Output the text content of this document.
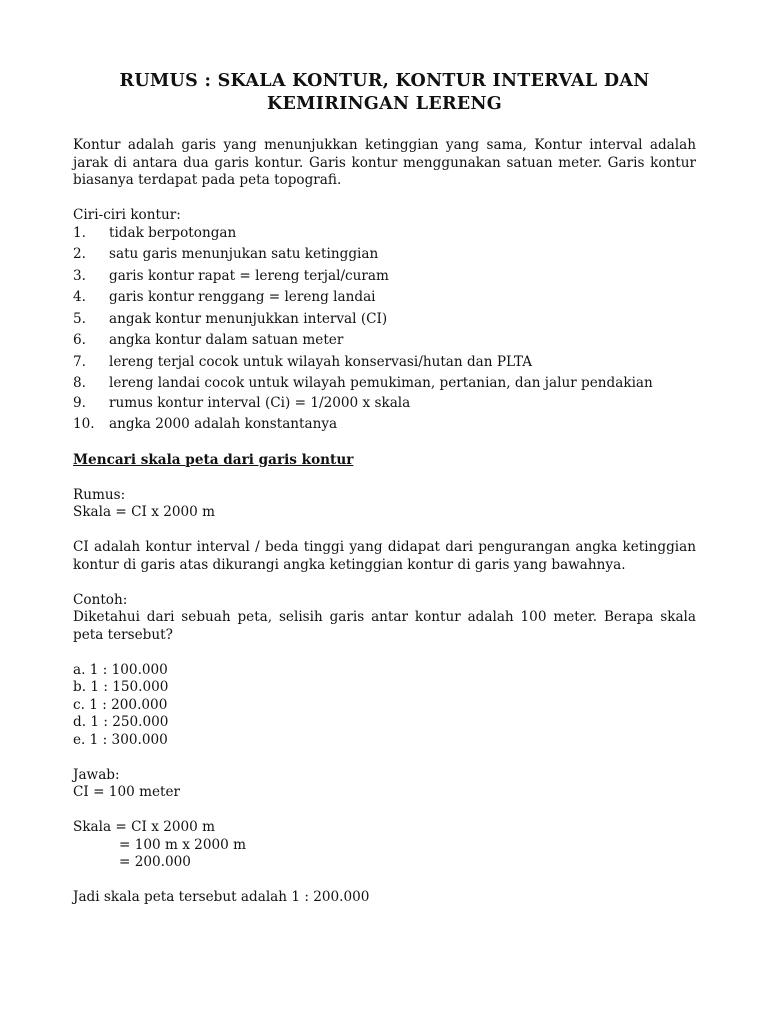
RUMUS : SKALA KONTUR, KONTUR INTERVAL DAN
KEMIRINGAN LERENG

Kontur adalah garis yang menunjukkan ketinggian yang sama, Kontur interval adalah jarak di antara dua garis kontur. Garis kontur menggunakan satuan meter. Garis kontur biasanya terdapat pada peta topografi.

Ciri-ciri kontur:

1. tidak berpotongan
2. satu garis menunjukan satu ketinggian
3. garis kontur rapat = lereng terjal/curam
4. garis kontur renggang = lereng landai
5. angak kontur menunjukkan interval (CI)
6. angka kontur dalam satuan meter
7. lereng terjal cocok untuk wilayah konservasi/hutan dan PLTA
8. lereng landai cocok untuk wilayah pemukiman, pertanian, dan jalur pendakian
9. rumus kontur interval (Ci) = 1/2000 x skala
10. angka 2000 adalah konstantanya

Mencari skala peta dari garis kontur

Rumus:

Skala = CI x 2000 m

CI adalah kontur interval / beda tinggi yang didapat dari pengurangan angka ketinggian kontur di garis atas dikurangi angka ketinggian kontur di garis yang bawahnya.

Contoh:

Diketahui dari sebuah peta, selisih garis antar kontur adalah 100 meter. Berapa skala peta tersebut?

a. 1 : 100.000
b. 1 : 150.000
c. 1 : 200.000
d. 1 : 250.000
e. 1 : 300.000

Jawab:

CI = 100 meter

Skala = CI x 2000 m
= 100 m x 2000 m
= 200.000

Jadi skala peta tersebut adalah 1 : 200.000
